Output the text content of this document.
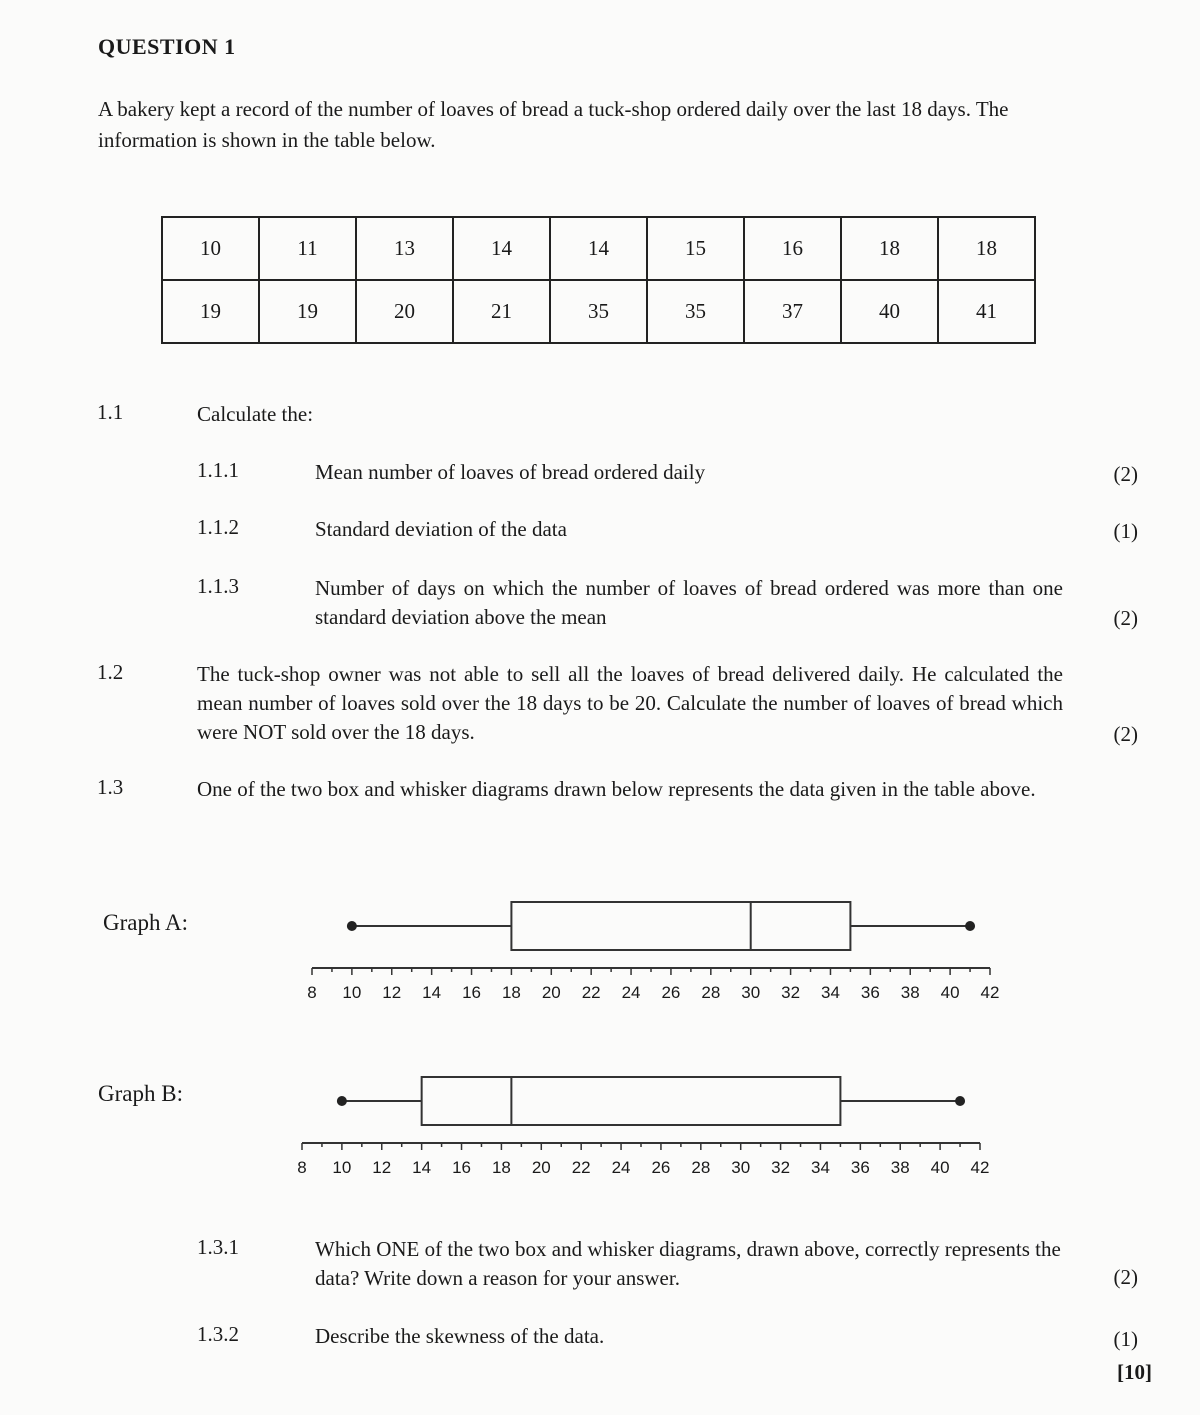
QUESTION 1
A bakery kept a record of the number of loaves of bread a tuck-shop ordered daily over the last 18 days. The information is shown in the table below.
10	11	13	14	14	15	16	18	18
19	19	20	21	35	35	37	40	41
1.1	Calculate the:
1.1.1	Mean number of loaves of bread ordered daily	(2)
1.1.2	Standard deviation of the data	(1)
1.1.3	Number of days on which the number of loaves of bread ordered was more than one standard deviation above the mean	(2)
1.2	The tuck-shop owner was not able to sell all the loaves of bread delivered daily. He calculated the mean number of loaves sold over the 18 days to be 20. Calculate the number of loaves of bread which were NOT sold over the 18 days.	(2)
1.3	One of the two box and whisker diagrams drawn below represents the data given in the table above.
Graph A:
Graph B:
8 10 12 14 16 18 20 22 24 26 28 30 32 34 36 38 40 42
8 10 12 14 16 18 20 22 24 26 28 30 32 34 36 38 40 42
1.3.1	Which ONE of the two box and whisker diagrams, drawn above, correctly represents the data? Write down a reason for your answer.	(2)
1.3.2	Describe the skewness of the data.	(1)
[10]
